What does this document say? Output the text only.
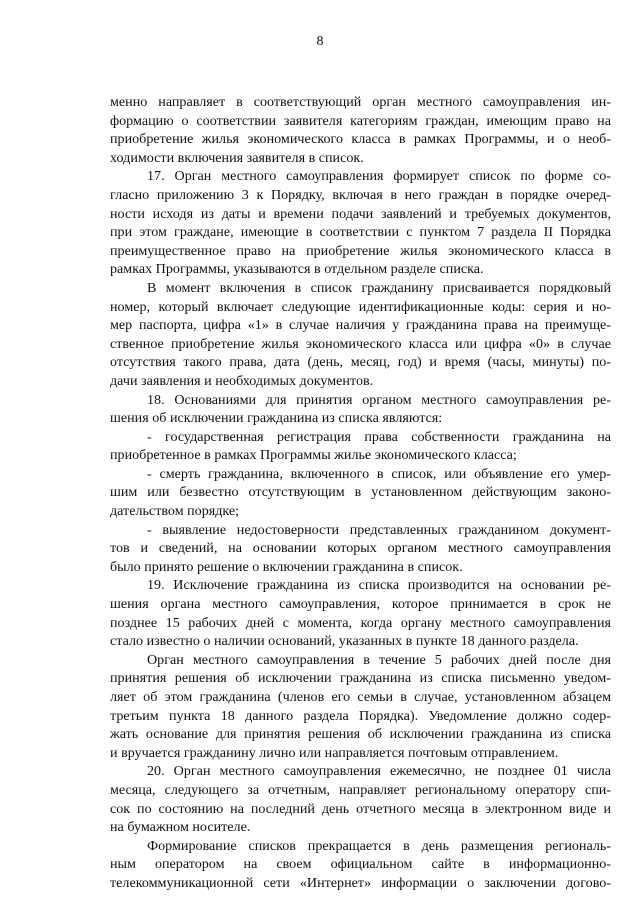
8
менно направляет в соответствующий орган местного самоуправления ин-
формацию о соответствии заявителя категориям граждан, имеющим право на
приобретение жилья экономического класса в рамках Программы, и о необ-
ходимости включения заявителя в список.
17. Орган местного самоуправления формирует список по форме со-
гласно приложению 3 к Порядку, включая в него граждан в порядке очеред-
ности исходя из даты и времени подачи заявлений и требуемых документов,
при этом граждане, имеющие в соответствии с пунктом 7 раздела II Порядка
преимущественное право на приобретение жилья экономического класса в
рамках Программы, указываются в отдельном разделе списка.
В момент включения в список гражданину присваивается порядковый
номер, который включает следующие идентификационные коды: серия и но-
мер паспорта, цифра «1» в случае наличия у гражданина права на преимуще-
ственное приобретение жилья экономического класса или цифра «0» в случае
отсутствия такого права, дата (день, месяц, год) и время (часы, минуты) по-
дачи заявления и необходимых документов.
18. Основаниями для принятия органом местного самоуправления ре-
шения об исключении гражданина из списка являются:
- государственная регистрация права собственности гражданина на
приобретенное в рамках Программы жилье экономического класса;
- смерть гражданина, включенного в список, или объявление его умер-
шим или безвестно отсутствующим в установленном действующим законо-
дательством порядке;
- выявление недостоверности представленных гражданином документ-
тов и сведений, на основании которых органом местного самоуправления
было принято решение о включении гражданина в список.
19. Исключение гражданина из списка производится на основании ре-
шения органа местного самоуправления, которое принимается в срок не
позднее 15 рабочих дней с момента, когда органу местного самоуправления
стало известно о наличии оснований, указанных в пункте 18 данного раздела.
Орган местного самоуправления в течение 5 рабочих дней после дня
принятия решения об исключении гражданина из списка письменно уведом-
ляет об этом гражданина (членов его семьи в случае, установленном абзацем
третьим пункта 18 данного раздела Порядка). Уведомление должно содер-
жать основание для принятия решения об исключении гражданина из списка
и вручается гражданину лично или направляется почтовым отправлением.
20. Орган местного самоуправления ежемесячно, не позднее 01 числа
месяца, следующего за отчетным, направляет региональному оператору спи-
сок по состоянию на последний день отчетного месяца в электронном виде и
на бумажном носителе.
Формирование списков прекращается в день размещения региональ-
ным оператором на своем официальном сайте в информационно-
телекоммуникационной сети «Интернет» информации о заключении догово-
